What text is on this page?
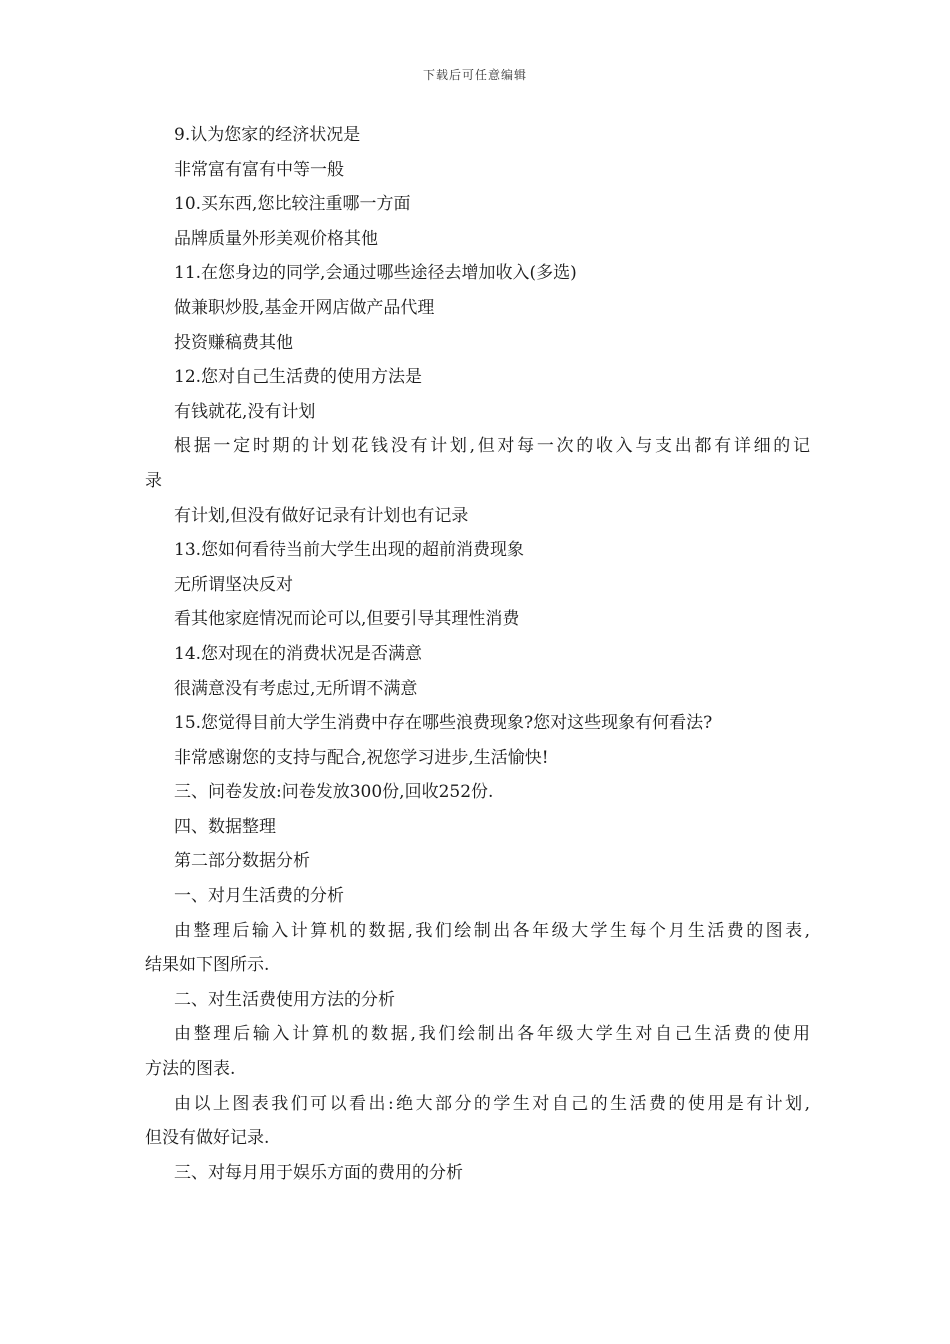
下载后可任意编辑
9.认为您家的经济状况是
非常富有富有中等一般
10.买东西,您比较注重哪一方面
品牌质量外形美观价格其他
11.在您身边的同学,会通过哪些途径去增加收入(多选)
做兼职炒股,基金开网店做产品代理
投资赚稿费其他
12.您对自己生活费的使用方法是
有钱就花,没有计划
根据一定时期的计划花钱没有计划,但对每一次的收入与支出都有详细的记
录
有计划,但没有做好记录有计划也有记录
13.您如何看待当前大学生出现的超前消费现象
无所谓坚决反对
看其他家庭情况而论可以,但要引导其理性消费
14.您对现在的消费状况是否满意
很满意没有考虑过,无所谓不满意
15.您觉得目前大学生消费中存在哪些浪费现象?您对这些现象有何看法?
非常感谢您的支持与配合,祝您学习进步,生活愉快!
三、问卷发放:问卷发放300份,回收252份.
四、数据整理
第二部分数据分析
一、对月生活费的分析
由整理后输入计算机的数据,我们绘制出各年级大学生每个月生活费的图表,
结果如下图所示.
二、对生活费使用方法的分析
由整理后输入计算机的数据,我们绘制出各年级大学生对自己生活费的使用
方法的图表.
由以上图表我们可以看出:绝大部分的学生对自己的生活费的使用是有计划,
但没有做好记录.
三、对每月用于娱乐方面的费用的分析
